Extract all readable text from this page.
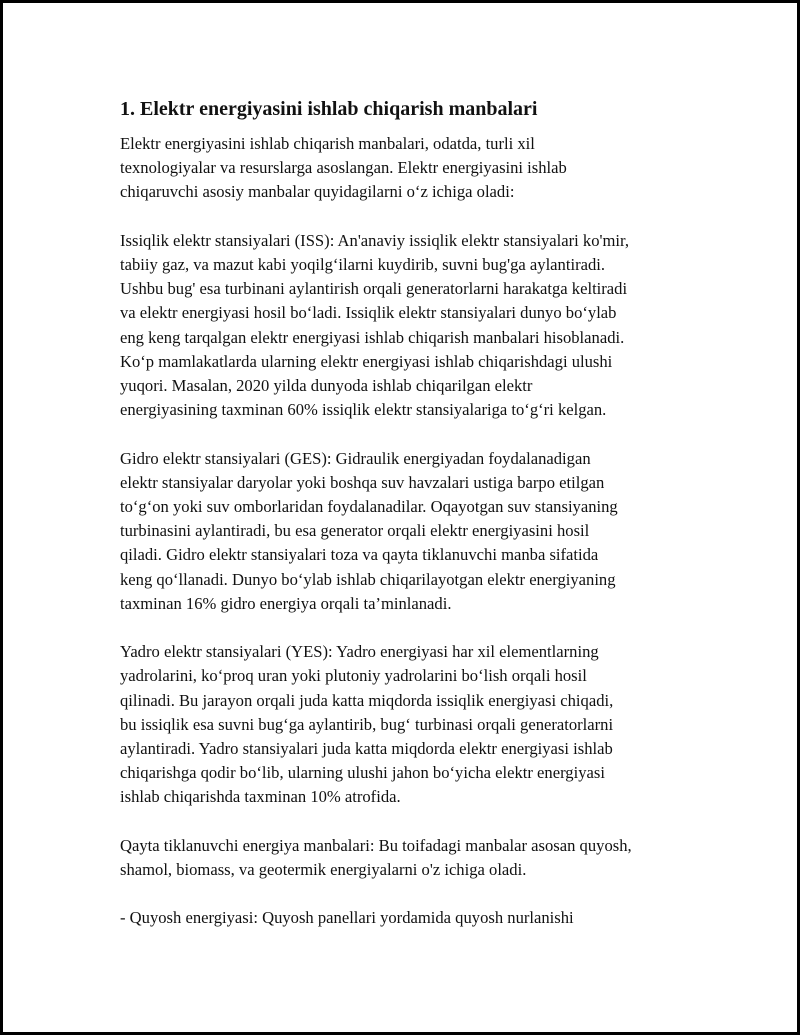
1. Elektr energiyasini ishlab chiqarish manbalari

Elektr energiyasini ishlab chiqarish manbalari, odatda, turli xil
texnologiyalar va resurslarga asoslangan. Elektr energiyasini ishlab
chiqaruvchi asosiy manbalar quyidagilarni o‘z ichiga oladi:

Issiqlik elektr stansiyalari (ISS): An'anaviy issiqlik elektr stansiyalari ko'mir,
tabiiy gaz, va mazut kabi yoqilg‘ilarni kuydirib, suvni bug'ga aylantiradi.
Ushbu bug' esa turbinani aylantirish orqali generatorlarni harakatga keltiradi
va elektr energiyasi hosil bo‘ladi. Issiqlik elektr stansiyalari dunyo bo‘ylab
eng keng tarqalgan elektr energiyasi ishlab chiqarish manbalari hisoblanadi.
Ko‘p mamlakatlarda ularning elektr energiyasi ishlab chiqarishdagi ulushi
yuqori. Masalan, 2020 yilda dunyoda ishlab chiqarilgan elektr
energiyasining taxminan 60% issiqlik elektr stansiyalariga to‘g‘ri kelgan.

Gidro elektr stansiyalari (GES): Gidraulik energiyadan foydalanadigan
elektr stansiyalar daryolar yoki boshqa suv havzalari ustiga barpo etilgan
to‘g‘on yoki suv omborlaridan foydalanadilar. Oqayotgan suv stansiyaning
turbinasini aylantiradi, bu esa generator orqali elektr energiyasini hosil
qiladi. Gidro elektr stansiyalari toza va qayta tiklanuvchi manba sifatida
keng qo‘llanadi. Dunyo bo‘ylab ishlab chiqarilayotgan elektr energiyaning
taxminan 16% gidro energiya orqali ta’minlanadi.

Yadro elektr stansiyalari (YES): Yadro energiyasi har xil elementlarning
yadrolarini, ko‘proq uran yoki plutoniy yadrolarini bo‘lish orqali hosil
qilinadi. Bu jarayon orqali juda katta miqdorda issiqlik energiyasi chiqadi,
bu issiqlik esa suvni bug‘ga aylantirib, bug‘ turbinasi orqali generatorlarni
aylantiradi. Yadro stansiyalari juda katta miqdorda elektr energiyasi ishlab
chiqarishga qodir bo‘lib, ularning ulushi jahon bo‘yicha elektr energiyasi
ishlab chiqarishda taxminan 10% atrofida.

Qayta tiklanuvchi energiya manbalari: Bu toifadagi manbalar asosan quyosh,
shamol, biomass, va geotermik energiyalarni o'z ichiga oladi.

- Quyosh energiyasi: Quyosh panellari yordamida quyosh nurlanishi
